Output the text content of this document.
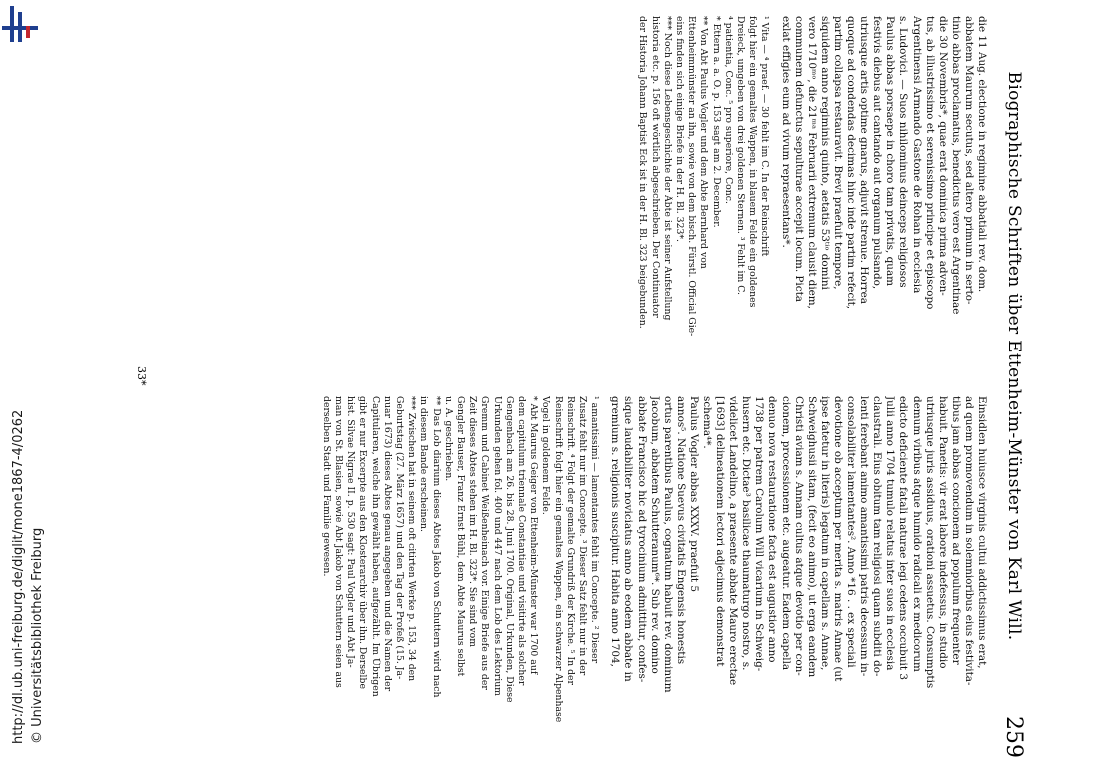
http://dl.ub.uni-freiburg.de/diglit/mone1867-4/0262 © Universitätsbibliothek Freiburg	Biographische Schriften über Ettenheim-Münster von Karl Will.
259
die 11 Aug. electione in regimine abbatiali rev. dom.
abbatem Maurum secutus, sed altero primum in serto-
tinio abbas proclamatus, benedictus vero est Argentinae
die 30 Novembris*, quae erat dominica prima adven-
tus, ab illustrissimo et serenissimo principe et episcopo
Argentinensi Armando Gastone de Rohan in ecclesia
s. Ludovici. — Suos nihilominus deinceps religiosos
Paulus abbas porsaepe in choro tam privatis, quam
festivis diebus aut cantando aut organum pulsando,
utriusque artis optime gnarus, adjuvit strenue. Horrea
quoque ad condendas decimas hinc inde partim refecit,
partim collapsa restauravit. Brevi praefuit tempore,
siquidem anno regiminis quinto, aetatis 53ᵗⁱᵒ domini
vero 1710ᵐᵒ, die 21ᵐᵃ Februarii extremum clausit diem,
communem defunctus sepulturae accepit locum. Picta
exlat effigies eum ad vivum repraesentans*.
¹ Vita — ⁴ praef. — 30 fehlt im C. In der Reinschrift
folgt hier ein gemaltes Wappen, in blauem Felde ein goldenes
Dreieck, umgeben von drei goldenen Sternen. ³ Fehlt im C.
⁴ patientia, Conc. ⁵ pro superiore, Conc.
* Ettern a. a. O. p. 153 sagt am 2. December.
** Von Abt Paulus Vogler und dem Abte Bernhard von
Ettenheimmünster an ihn, sowie von dem bisch. Fürstl. Official Gie-
eins finden sich einige Briefe in der H. Bl. 323*.
*** Noch diese Lebensgeschichte der Äbte ist seiner Aufstellung
historia etc. p. 156 oft wörtlich abgeschrieben. Der Continuator
der Historia Johann Baptist Eck ist in der H. Bl. 323 beigebunden.
Einsidlen huiusce virginis cultui addictissimus erat,
ad quem promovendum in solemnioribus eius festivita-
tibus jam abbas concionem ad populum frequenter
habuit. Panetis: vir erat labore indefessus, in studio
utriusque juris assiduus, orationi assuetus. Consumptis
demum viribus atque humido radicali ex medicorum
edicto deficiente fatali naturae legi cedens occubuit 3
Julii anno 1704 tumulo relatus inter suos in ecclesia
claustrali. Eius obitum tam religiosi quam subditi do-
lenti ferebant animo amantissimi patris decessum in-
consolabiliter lamentantes². Anno *16 . . ex speciali
devotione ob acceptum per merita s. matris Annae (ut
ipse fatetur in literis) legatum in capellam s. Annae,
Schweighusii sitam, (fecit eo animo), ut erga eandem
Christi aviam s. Annam cultus atque devotio per con-
cionem, processionem etc. augeatur. Eadem capella
denuo nova restauratione facta est augustior anno
1738 per patrem Carolum Will vicarium in Schweig-
husern etc. Dictae³ basilicae thaumaturgo nostro, s.
videlicet Landelino, a praesente abbate Mauro erectae
[1693] delineationem lectori adjecimus demonstrat
schema⁴*.
Paulus Vogler abbas XXXV. praefuit 5
annos⁵. Natione Suevus civitatis Engensis honestis
ortus parentibus Paulus, cognatum habuit rev. dominum
Jacobum, abbatem Schutteranum⁶*. Sub rev. domino
abbate Francisco hic ad tyrocinium admittitur, confes-
sique laudabiliter noviciatus anno ab eodem abbate in
gremium s. religionis suscipitur. Habita anno 1704,
¹ amantissimi — lamentantes fehlt im Concepte. ² Dieser
Zusatz fehlt nur im Concepte. ³ Dieser Satz fehlt nur in der
Reinschrift. ⁴ Folgt der gemalte Grundriß der Kirche. ⁵ In der
Reinschrift folgt hier ein gemaltes Wappen, ein schwarzer Alpenhase
Vogel in goldenem Felde.
* Abt Maurus Geiger von Ettenheim-Münster war 1700 auf
dem capitulum triennale Constantiae und visitirte als solcher
Gengenbach am 26. bis 28. Juni 1700. Original, Urkunden, Diese
Urkunden gehen fol. 400 und 447 nach dem Lob des Lektorium
Gremm und Cabinet Weißenheinach vor. Einige Briefe aus der
Zeit dieses Abtes stehen im H. Bl. 323*. Sie sind vom
Gengler Bauser, Franz Ernst Bühl, dem Abte Maurus selbst
u. A. geschrieben.
** Das Lob diarium dieses Abtes Jakob von Schuttern wird nach
in diesem Bande erscheinen.
*** Zwischen hat in seinem oft citirten Werke p. 153, 34 den
Geburtstag (27. März 1657) und den Tag der Profeß (15. Ja-
nuar 1673) dieses Abtes genau angegeben und die Namen der
Capitularen, welche ihn gewählt haben, aufgezählt. Im Übrigen
gibt er nur Excerpte aus den Klosterarchiv über ihn. Derselbe
hist. Silvae Nigrae II. p. 530 sagt: Paul Vogler und Abt Ja-
man von St. Blasien, sowie Abt Jakob von Schuttern seien aus
derselben Stadt und Familie gewesen.
33*
